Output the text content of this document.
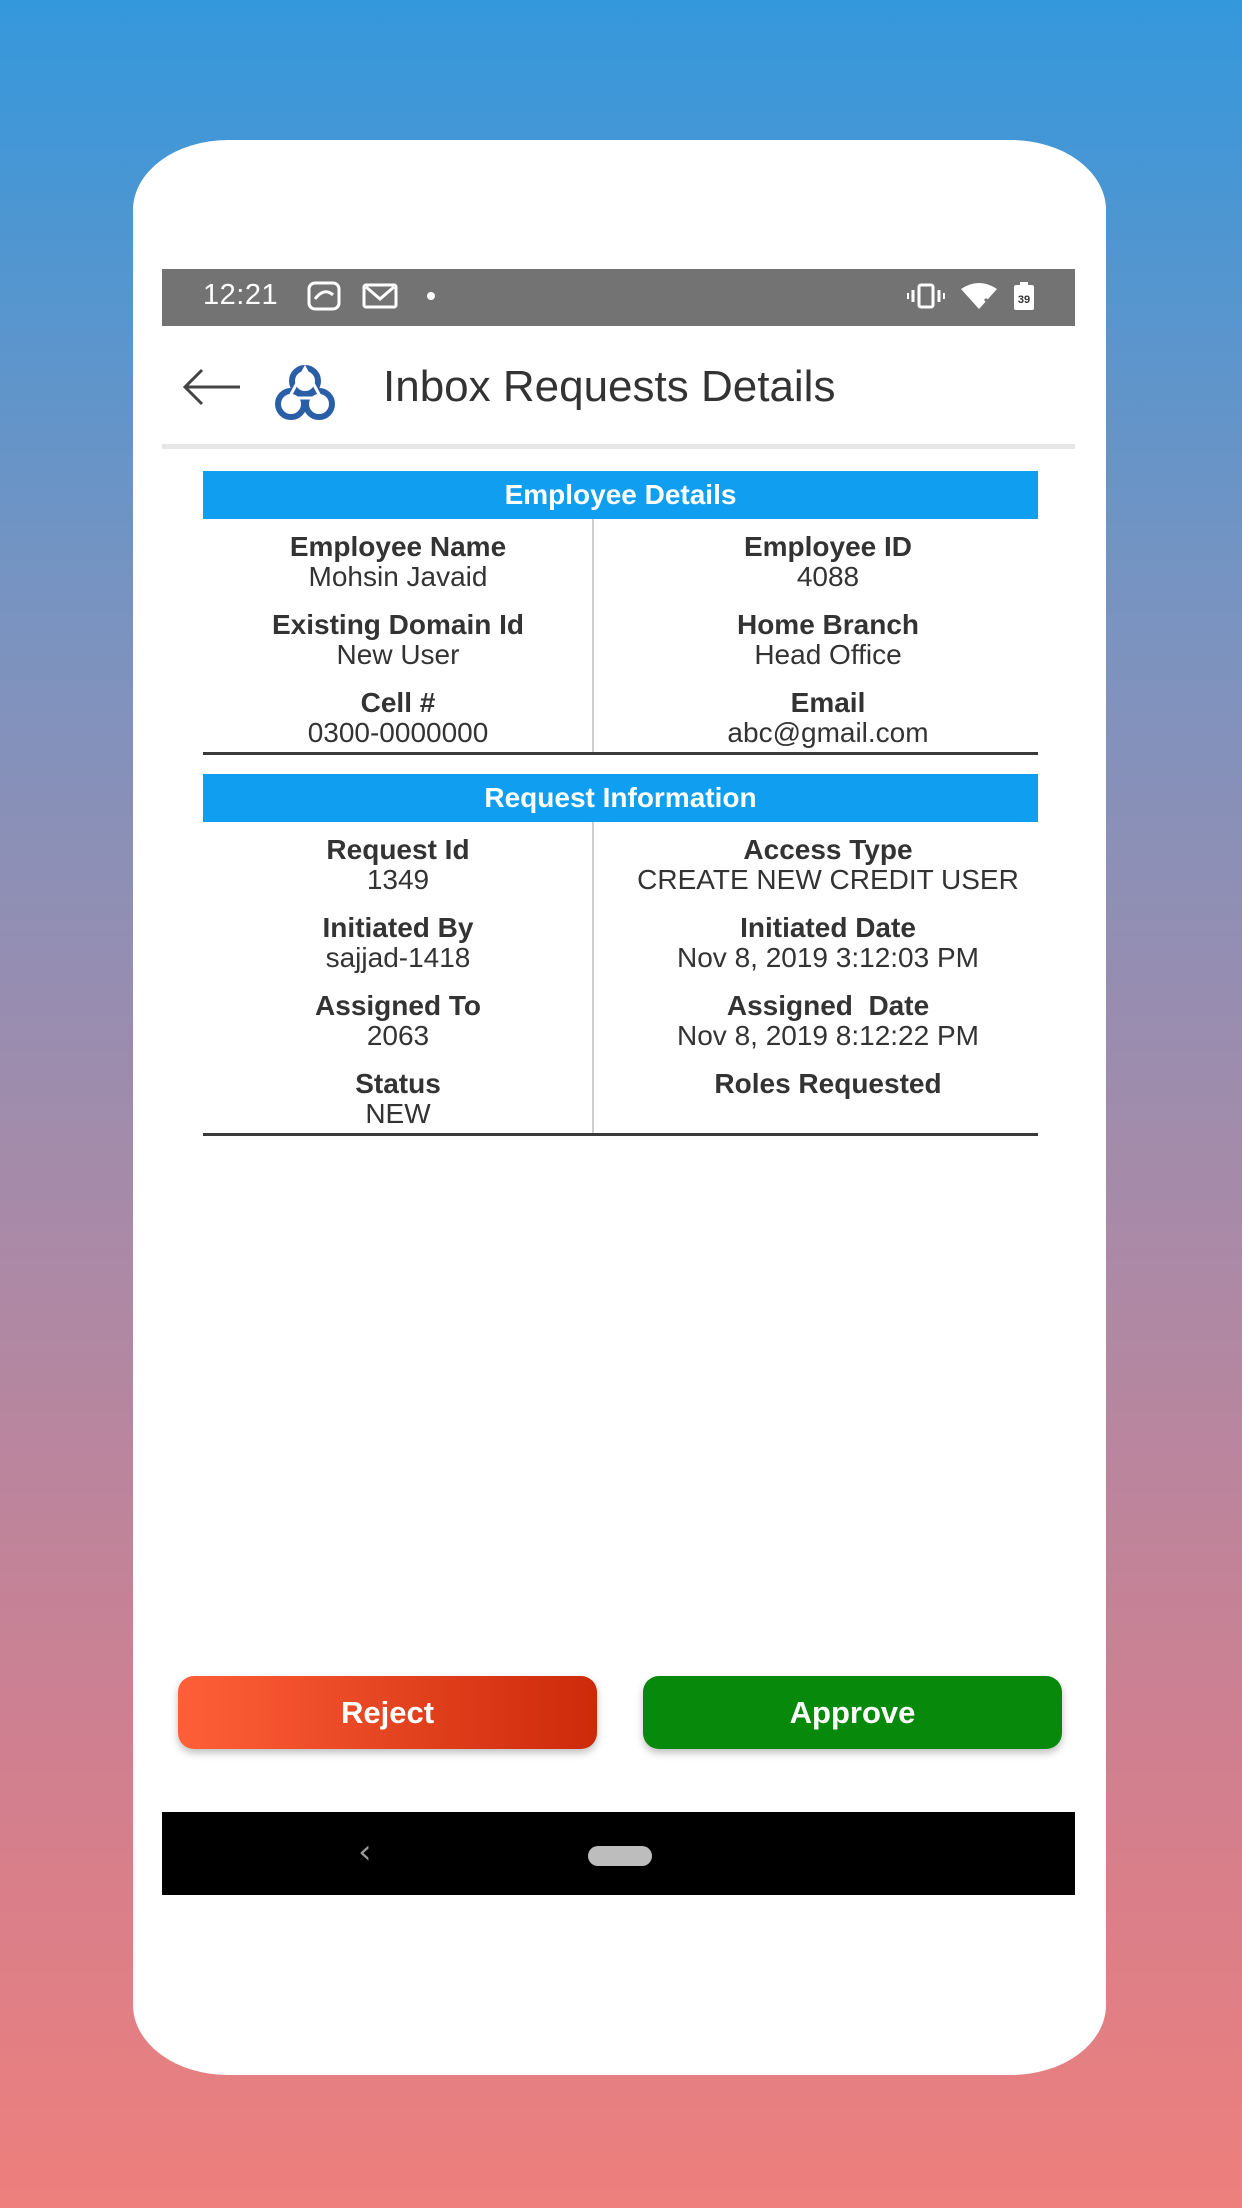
12:21	39
Inbox Requests Details
Employee Details
Employee Name
Mohsin Javaid
Employee ID
4088
Existing Domain Id
New User
Home Branch
Head Office
Cell #
0300-0000000
Email
abc@gmail.com
Request Information
Request Id
1349
Access Type
CREATE NEW CREDIT USER
Initiated By
sajjad-1418
Initiated Date
Nov 8, 2019 3:12:03 PM
Assigned To
2063
Assigned  Date
Nov 8, 2019 8:12:22 PM
Status
NEW
Roles Requested
Reject	Approve
‹
